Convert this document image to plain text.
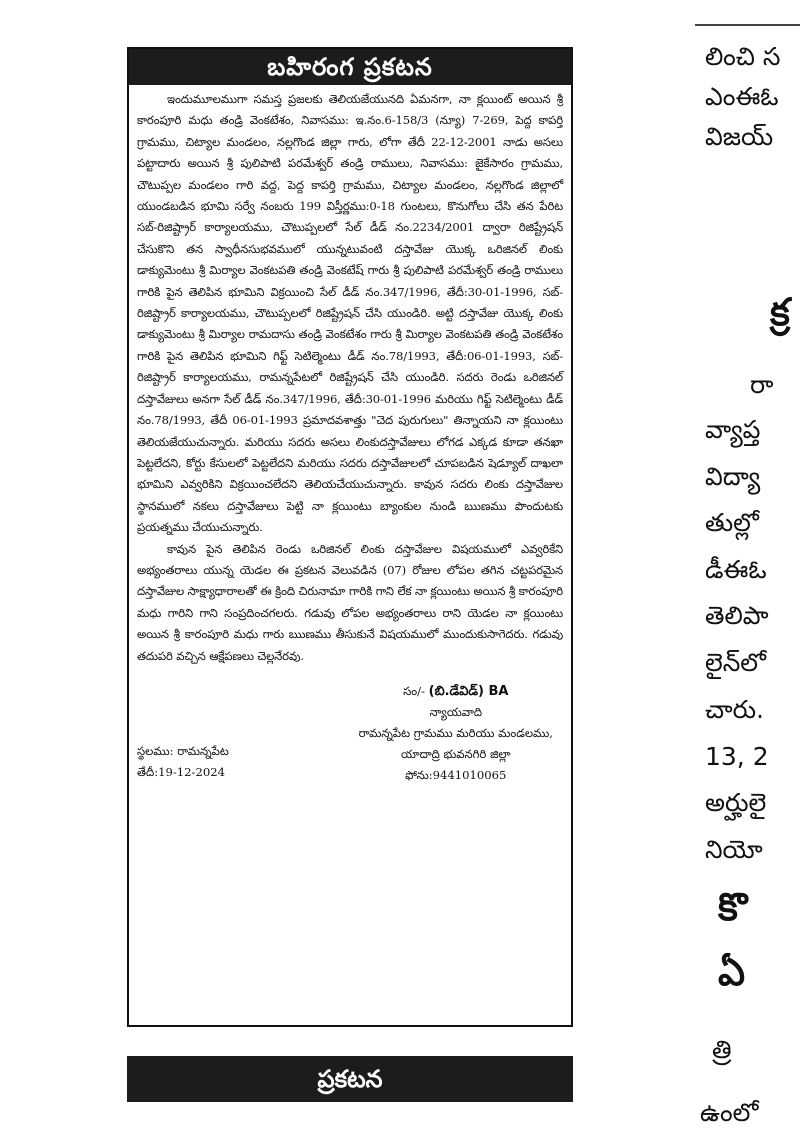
బహిరంగ ప్రకటన

ఇందుమూలముగా సమస్త ప్రజలకు తెలియజేయునది ఏమనగా, నా క్లయింట్ అయిన శ్రీ కారంపూరి మధు తండ్రి వెంకటేశం, నివాసము: ఇ.నం.6-158/3 (న్యూ) 7-269, పెద్ద కాపర్తి గ్రామము, చిట్యాల మండలం, నల్లగొండ జిల్లా గారు, లోగా తేదీ 22-12-2001 నాడు అసలు పట్టాదారు అయిన శ్రీ పులిపాటి పరమేశ్వర్ తండ్రి రాములు, నివాసము: జైకేసారం గ్రామము, చౌటుప్పల మండలం గారి వద్ద, పెద్ద కాపర్తి గ్రామము, చిట్యాల మండలం, నల్లగొండ జిల్లాలో యుండబడిన భూమి సర్వే నంబరు 199 విస్తీర్ణము:0-18 గుంటలు, కొనుగోలు చేసి తన పేరిట సబ్-రిజిష్ట్రార్ కార్యాలయము, చౌటుప్పలలో సేల్ డీడ్ నం.2234/2001 ద్వారా రిజిష్ట్రేషన్ చేసుకొని తన స్వాధీనసుభవములో యున్నటువంటి దస్తావేజు యొక్క ఒరిజినల్ లింకు డాక్యుమెంటు శ్రీ మిర్యాల వెంకటపతి తండ్రి వెంకటేష్ గారు శ్రీ పులిపాటి పరమేశ్వర్ తండ్రి రాములు గారికి పైన తెలిపిన భూమిని విక్రయించి సేల్ డీడ్ నం.347/1996, తేదీ:30-01-1996, సబ్-రిజిష్ట్రార్ కార్యాలయము, చౌటుప్పలలో రిజిష్ట్రేషన్ చేసి యుండిరి. అట్టి దస్తావేజు యొక్క లింకు డాక్యుమెంటు శ్రీ మిర్యాల రామదాసు తండ్రి వెంకటేశం గారు శ్రీ మిర్యాల వెంకటపతి తండ్రి వెంకటేశం గారికి పైన తెలిపిన భూమిని గిఫ్ట్ సెటిల్మెంటు డీడ్ నం.78/1993, తేదీ:06-01-1993, సబ్-రిజిష్ట్రార్ కార్యాలయము, రామన్నపేటలో రిజిష్ట్రేషన్ చేసి యుండిరి. సదరు రెండు ఒరిజినల్ దస్తావేజులు అనగా సేల్ డీడ్ నం.347/1996, తేదీ:30-01-1996 మరియు గిఫ్ట్ సెటిల్మెంటు డీడ్ నం.78/1993, తేదీ 06-01-1993 ప్రమాదవశాత్తు "చెద పురుగులు" తిన్నాయని నా క్లయింటు తెలియజేయుచున్నారు. మరియు సదరు అసలు లింకుదస్తావేజులు లోగడ ఎక్కడ కూడా తనఖా పెట్టలేదని, కోర్టు కేసులలో పెట్టలేదని మరియు సదరు దస్తావేజులలో చూపబడిన షెడ్యూల్ దాఖలా భూమిని ఎవ్వరికిని విక్రయించలేదని తెలియచేయుచున్నారు. కావున సదరు లింకు దస్తావేజుల స్థానములో నకలు దస్తావేజులు పెట్టి నా క్లయింటు బ్యాంకుల నుండి ఋణము పొందుటకు ప్రయత్నము చేయుచున్నారు.

కావున పైన తెలిపిన రెండు ఒరిజినల్ లింకు దస్తావేజుల విషయములో ఎవ్వరికేని అభ్యంతరాలు యున్న యెడల ఈ ప్రకటన వెలువడిన (07) రోజుల లోపల తగిన చట్టపరమైన దస్తావేజుల సాక్ష్యాధారాలతో ఈ క్రింది చిరునామా గారికి గాని లేక నా క్లయింటు అయిన శ్రీ కారంపూరి మధు గారిని గాని సంప్రదించగలరు. గడువు లోపల అభ్యంతరాలు రాని యెడల నా క్లయింటు అయిన శ్రీ కారంపూరి మధు గారు ఋణము తీసుకునే విషయములో ముందుకుసాగెదరు. గడువు తదుపరి వచ్చిన ఆక్షేపణలు చెల్లనేరవు.

సం/- (బి.డేవిడ్) BA
న్యాయవాది
రామన్నపేట గ్రామము మరియు మండలము,
యాదాద్రి భువనగిరి జిల్లా
ఫోను:9441010065
స్థలము: రామన్నపేట
తేదీ:19-12-2024
ప్రకటన
లించి స
ఎంఈఓ
విజయ్
క్ర
రా
వ్యాప్త
విద్యా
తుల్లో
డీఈఓ
తెలిపా
లైన్‌లో
చారు.
13, 2
అర్హులై
నియో
కొ
ఏ
త్రి
ఉంలో
